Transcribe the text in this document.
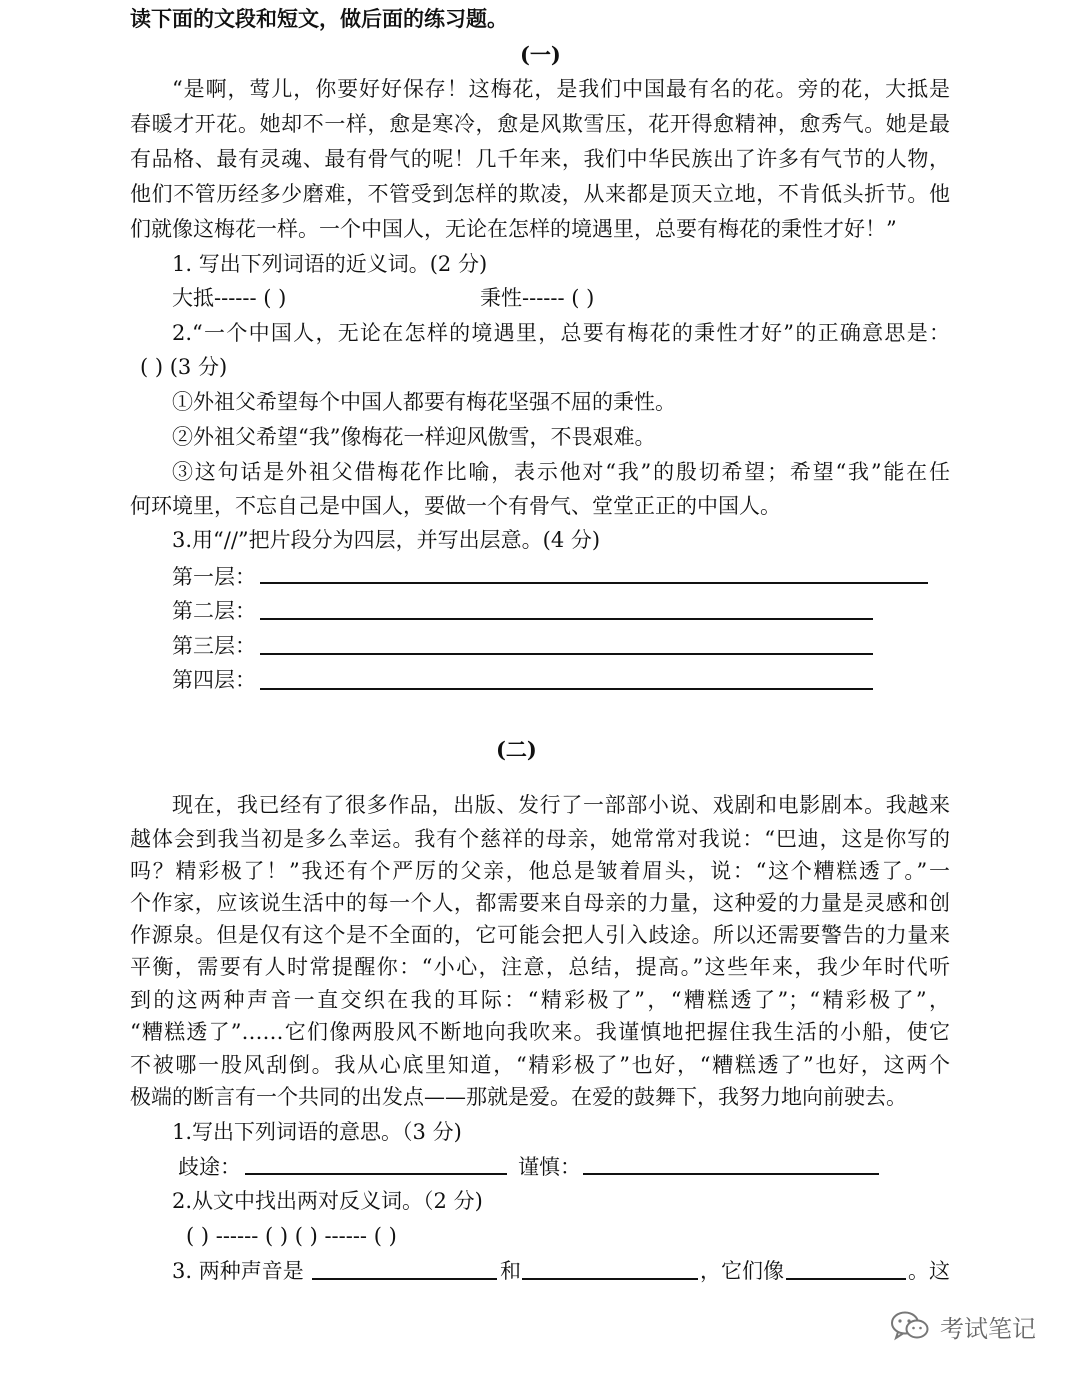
读下面的文段和短文，做后面的练习题。
(一)
“是啊，莺儿，你要好好保存！这梅花，是我们中国最有名的花。旁的花，大抵是
春暖才开花。她却不一样，愈是寒冷，愈是风欺雪压，花开得愈精神，愈秀气。她是最
有品格、最有灵魂、最有骨气的呢！几千年来，我们中华民族出了许多有气节的人物，
他们不管历经多少磨难，不管受到怎样的欺凌，从来都是顶天立地，不肯低头折节。他
们就像这梅花一样。一个中国人，无论在怎样的境遇里，总要有梅花的秉性才好！”
1. 写出下列词语的近义词。(2 分)
大抵------ ( )	秉性------ ( )
2.“一个中国人，无论在怎样的境遇里，总要有梅花的秉性才好”的正确意思是：
( ) (3 分)
①外祖父希望每个中国人都要有梅花坚强不屈的秉性。
②外祖父希望“我”像梅花一样迎风傲雪，不畏艰难。
③这句话是外祖父借梅花作比喻，表示他对“我”的殷切希望；希望“我”能在任
何环境里，不忘自己是中国人，要做一个有骨气、堂堂正正的中国人。
3.用“//”把片段分为四层，并写出层意。(4 分)
第一层：
第二层：
第三层：
第四层：
(二)
现在，我已经有了很多作品，出版、发行了一部部小说、戏剧和电影剧本。我越来
越体会到我当初是多么幸运。我有个慈祥的母亲，她常常对我说：“巴迪，这是你写的
吗？精彩极了！”我还有个严厉的父亲，他总是皱着眉头，说：“这个糟糕透了。”一
个作家，应该说生活中的每一个人，都需要来自母亲的力量，这种爱的力量是灵感和创
作源泉。但是仅有这个是不全面的，它可能会把人引入歧途。所以还需要警告的力量来
平衡，需要有人时常提醒你：“小心，注意，总结，提高。”这些年来，我少年时代听
到的这两种声音一直交织在我的耳际：“精彩极了”，“糟糕透了”；“精彩极了”，
“糟糕透了”……它们像两股风不断地向我吹来。我谨慎地把握住我生活的小船，使它
不被哪一股风刮倒。我从心底里知道，“精彩极了”也好，“糟糕透了”也好，这两个
极端的断言有一个共同的出发点——那就是爱。在爱的鼓舞下，我努力地向前驶去。
1.写出下列词语的意思。（3 分)
歧途：	谨慎：
2.从文中找出两对反义词。（2 分)
( ) ------ ( ) ( ) ------ ( )
3. 两种声音是	和	，它们像	。这
考试笔记
